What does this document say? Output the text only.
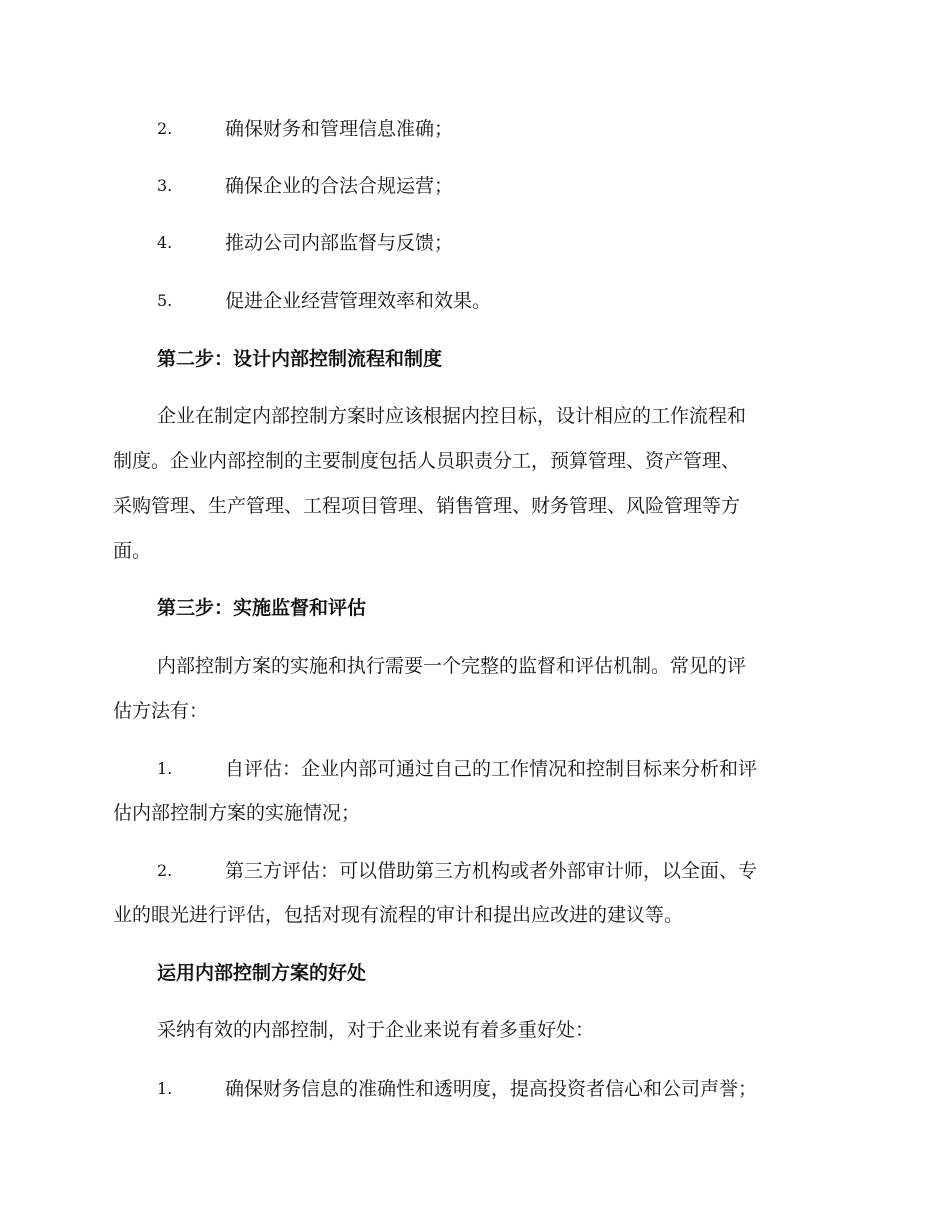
2.	确保财务和管理信息准确；
3.	确保企业的合法合规运营；
4.	推动公司内部监督与反馈；
5.	促进企业经营管理效率和效果。
第二步：设计内部控制流程和制度
企业在制定内部控制方案时应该根据内控目标，设计相应的工作流程和
制度。企业内部控制的主要制度包括人员职责分工，预算管理、资产管理、
采购管理、生产管理、工程项目管理、销售管理、财务管理、风险管理等方
面。
第三步：实施监督和评估
内部控制方案的实施和执行需要一个完整的监督和评估机制。常见的评
估方法有：
1.	自评估：企业内部可通过自己的工作情况和控制目标来分析和评
估内部控制方案的实施情况；
2.	第三方评估：可以借助第三方机构或者外部审计师，以全面、专
业的眼光进行评估，包括对现有流程的审计和提出应改进的建议等。
运用内部控制方案的好处
采纳有效的内部控制，对于企业来说有着多重好处：
1.	确保财务信息的准确性和透明度，提高投资者信心和公司声誉；
